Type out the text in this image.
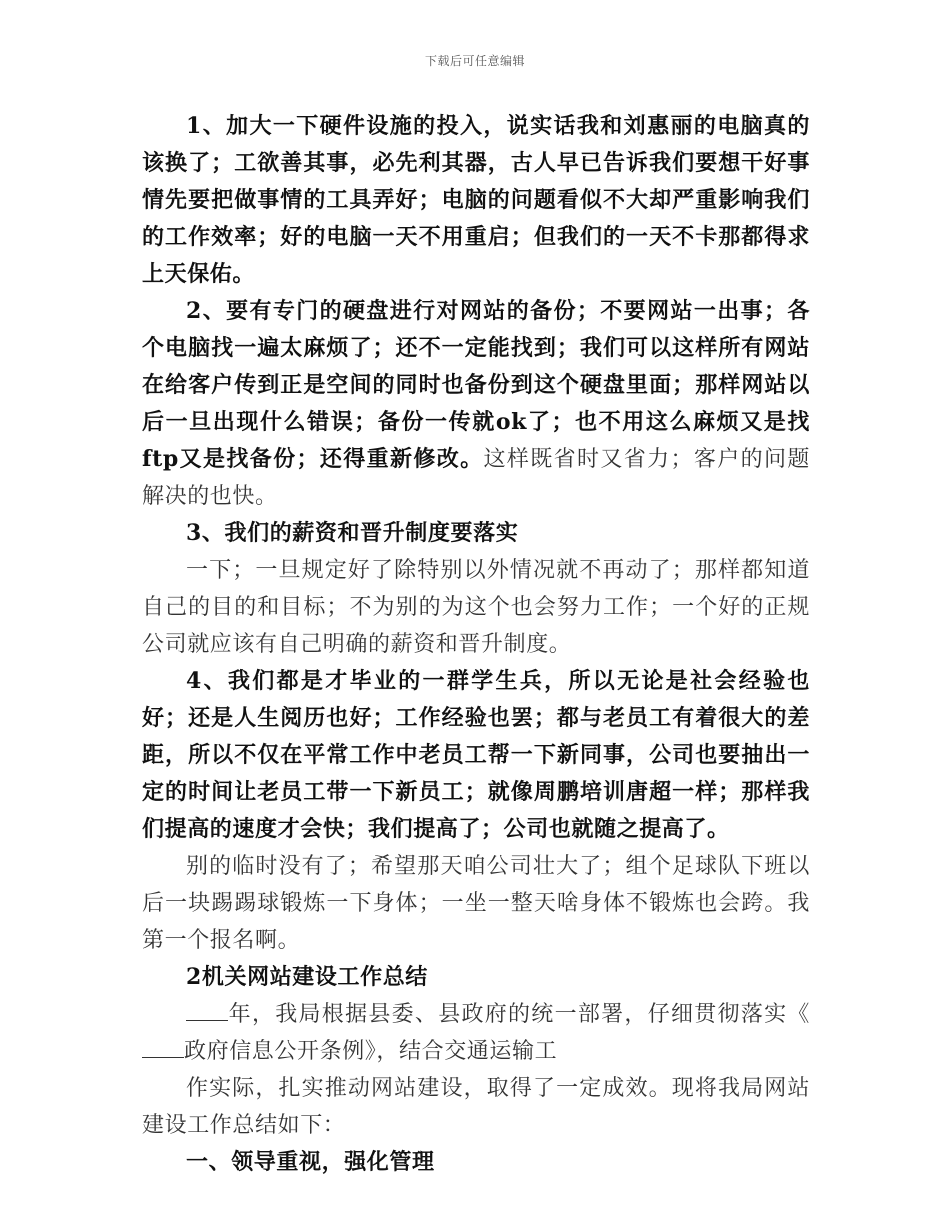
下载后可任意编辑

1、加大一下硬件设施的投入，说实话我和刘惠丽的电脑真的该换了；工欲善其事，必先利其器，古人早已告诉我们要想干好事情先要把做事情的工具弄好；电脑的问题看似不大却严重影响我们的工作效率；好的电脑一天不用重启；但我们的一天不卡那都得求上天保佑。

2、要有专门的硬盘进行对网站的备份；不要网站一出事；各个电脑找一遍太麻烦了；还不一定能找到；我们可以这样所有网站在给客户传到正是空间的同时也备份到这个硬盘里面；那样网站以后一旦出现什么错误；备份一传就ok了；也不用这么麻烦又是找ftp又是找备份；还得重新修改。这样既省时又省力；客户的问题解决的也快。

3、我们的薪资和晋升制度要落实

一下；一旦规定好了除特别以外情况就不再动了；那样都知道自己的目的和目标；不为别的为这个也会努力工作；一个好的正规公司就应该有自己明确的薪资和晋升制度。

4、我们都是才毕业的一群学生兵，所以无论是社会经验也好；还是人生阅历也好；工作经验也罢；都与老员工有着很大的差距，所以不仅在平常工作中老员工帮一下新同事，公司也要抽出一定的时间让老员工带一下新员工；就像周鹏培训唐超一样；那样我们提高的速度才会快；我们提高了；公司也就随之提高了。

别的临时没有了；希望那天咱公司壮大了；组个足球队下班以后一块踢踢球锻炼一下身体；一坐一整天啥身体不锻炼也会跨。我第一个报名啊。

2机关网站建设工作总结

年，我局根据县委、县政府的统一部署，仔细贯彻落实《政府信息公开条例》，结合交通运输工

作实际，扎实推动网站建设，取得了一定成效。现将我局网站建设工作总结如下：

一、领导重视，强化管理
